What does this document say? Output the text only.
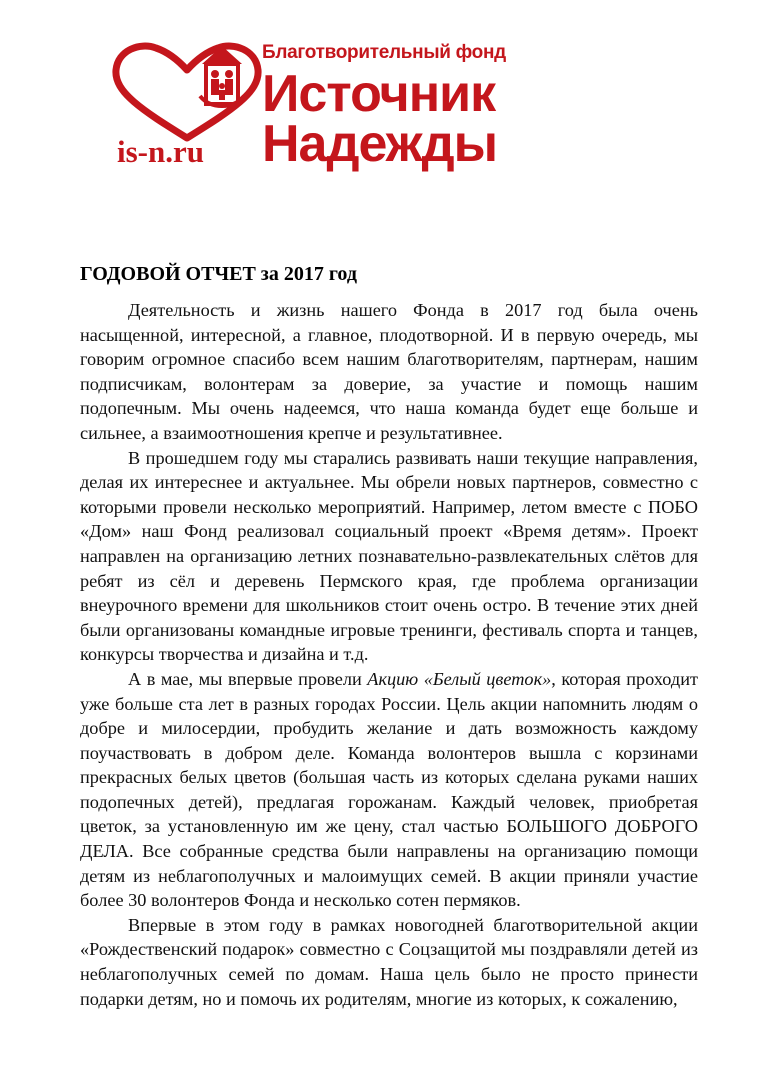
is-n.ru
Благотворительный фонд
Источник
Надежды
ГОДОВОЙ ОТЧЕТ за 2017 год

Деятельность и жизнь нашего Фонда в 2017 год была очень насыщенной, интересной, а главное, плодотворной. И в первую очередь, мы говорим огромное спасибо всем нашим благотворителям, партнерам, нашим подписчикам, волонтерам за доверие, за участие и помощь нашим подопечным. Мы очень надеемся, что наша команда будет еще больше и сильнее, а взаимоотношения крепче и результативнее.

В прошедшем году мы старались развивать наши текущие направления, делая их интереснее и актуальнее. Мы обрели новых партнеров, совместно с которыми провели несколько мероприятий. Например, летом вместе с ПОБО «Дом» наш Фонд реализовал социальный проект «Время детям». Проект направлен на организацию летних познавательно-развлекательных слётов для ребят из сёл и деревень Пермского края, где проблема организации внеурочного времени для школьников стоит очень остро. В течение этих дней были организованы командные игровые тренинги, фестиваль спорта и танцев, конкурсы творчества и дизайна и т.д.

А в мае, мы впервые провели Акцию «Белый цветок», которая проходит уже больше ста лет в разных городах России. Цель акции напомнить людям о добре и милосердии, пробудить желание и дать возможность каждому поучаствовать в добром деле. Команда волонтеров вышла с корзинами прекрасных белых цветов (большая часть из которых сделана руками наших подопечных детей), предлагая горожанам. Каждый человек, приобретая цветок, за установленную им же цену, стал частью БОЛЬШОГО ДОБРОГО ДЕЛА. Все собранные средства были направлены на организацию помощи детям из неблагополучных и малоимущих семей. В акции приняли участие более 30 волонтеров Фонда и несколько сотен пермяков.

Впервые в этом году в рамках новогодней благотворительной акции «Рождественский подарок» совместно с Соцзащитой мы поздравляли детей из неблагополучных семей по домам. Наша цель было не просто принести подарки детям, но и помочь их родителям, многие из которых, к сожалению,
